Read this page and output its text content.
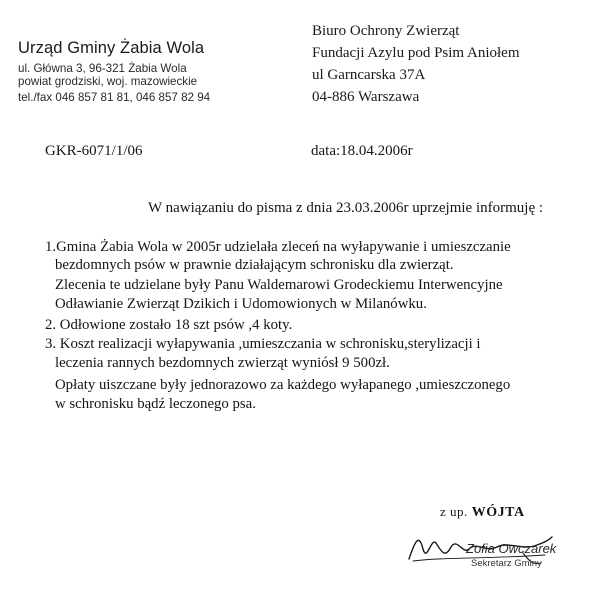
Urząd Gminy Żabia Wola
ul. Główna 3, 96-321 Żabia Wola
powiat grodziski, woj. mazowieckie
tel./fax 046 857 81 81, 046 857 82 94
Biuro Ochrony Zwierząt
Fundacji Azylu pod Psim Aniołem
ul Garncarska 37A
04-886 Warszawa
GKR-6071/1/06	data:18.04.2006r
W nawiązaniu do pisma z dnia 23.03.2006r uprzejmie informuję :
1.Gmina Żabia Wola w 2005r udzielała zleceń na wyłapywanie i umieszczanie
bezdomnych psów w prawnie działającym schronisku dla zwierząt.
Zlecenia te udzielane były Panu Waldemarowi Grodeckiemu Interwencyjne
Odławianie Zwierząt Dzikich i Udomowionych w Milanówku.
2. Odłowione zostało 18 szt psów ,4 koty.
3. Koszt realizacji wyłapywania ,umieszczania w schronisku,sterylizacji i
leczenia rannych bezdomnych zwierząt wyniósł 9 500zł.
Opłaty uiszczane były jednorazowo za każdego wyłapanego ,umieszczonego
w schronisku bądź leczonego psa.
z up. WÓJTA
Zofia Owczarek
Sekretarz Gminy
